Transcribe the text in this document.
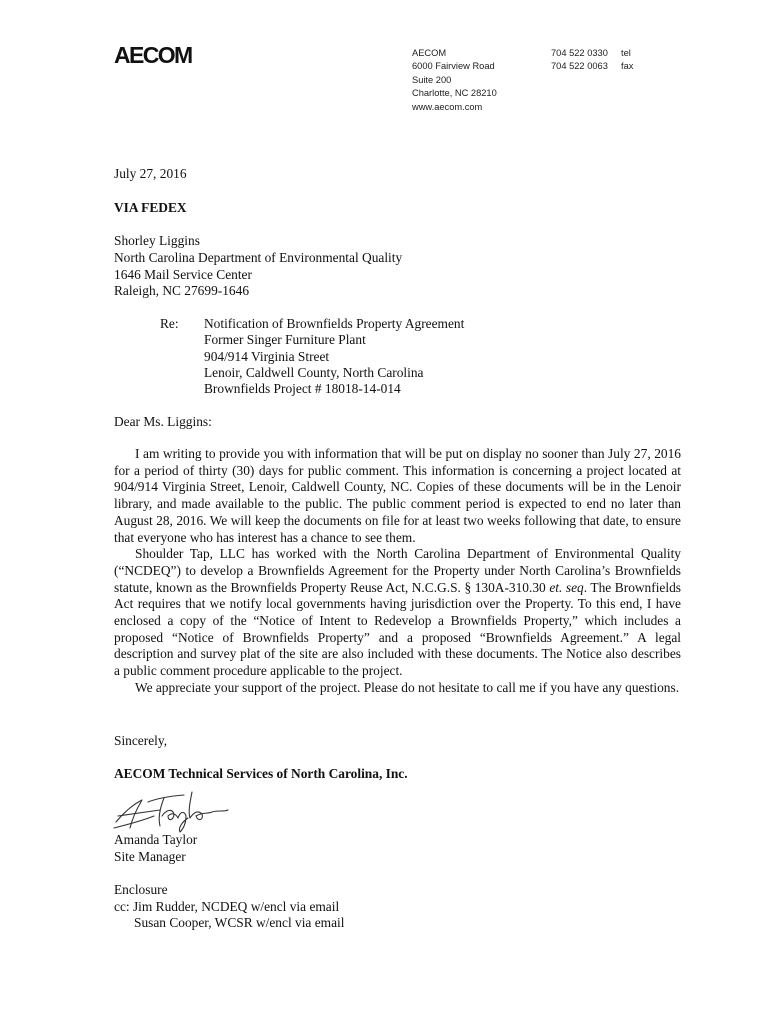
AECOM	AECOM
6000 Fairview Road
Suite 200
Charlotte, NC 28210
www.aecom.com
704 522 0330	tel
704 522 0063	fax
July 27, 2016
VIA FEDEX
Shorley Liggins
North Carolina Department of Environmental Quality
1646 Mail Service Center
Raleigh, NC 27699-1646
Re: Notification of Brownfields Property Agreement
Former Singer Furniture Plant
904/914 Virginia Street
Lenoir, Caldwell County, North Carolina
Brownfields Project # 18018-14-014
Dear Ms. Liggins:

I am writing to provide you with information that will be put on display no sooner than July 27, 2016 for a period of thirty (30) days for public comment. This information is concerning a project located at 904/914 Virginia Street, Lenoir, Caldwell County, NC. Copies of these documents will be in the Lenoir library, and made available to the public. The public comment period is expected to end no later than August 28, 2016. We will keep the documents on file for at least two weeks following that date, to ensure that everyone who has interest has a chance to see them.

Shoulder Tap, LLC has worked with the North Carolina Department of Environmental Quality (“NCDEQ”) to develop a Brownfields Agreement for the Property under North Carolina’s Brownfields statute, known as the Brownfields Property Reuse Act, N.C.G.S. § 130A-310.30 et. seq. The Brownfields Act requires that we notify local governments having jurisdiction over the Property. To this end, I have enclosed a copy of the “Notice of Intent to Redevelop a Brownfields Property,” which includes a proposed “Notice of Brownfields Property” and a proposed “Brownfields Agreement.” A legal description and survey plat of the site are also included with these documents. The Notice also describes a public comment procedure applicable to the project.

We appreciate your support of the project. Please do not hesitate to call me if you have any questions.

Sincerely,
AECOM Technical Services of North Carolina, Inc.
Amanda Taylor
Site Manager
Enclosure
cc: Jim Rudder, NCDEQ w/encl via email
Susan Cooper, WCSR w/encl via email
